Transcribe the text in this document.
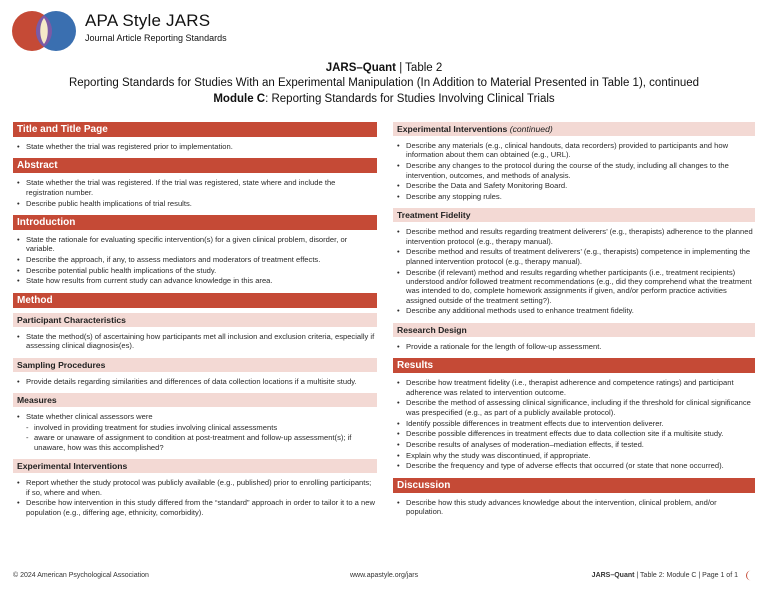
APA Style JARS
Journal Article Reporting Standards
JARS–Quant | Table 2
Reporting Standards for Studies With an Experimental Manipulation (In Addition to Material Presented in Table 1), continued
Module C: Reporting Standards for Studies Involving Clinical Trials
Title and Title Page
• State whether the trial was registered prior to implementation.
Abstract
• State whether the trial was registered. If the trial was registered, state where and include the registration number.
• Describe public health implications of trial results.
Introduction
• State the rationale for evaluating specific intervention(s) for a given clinical problem, disorder, or variable.
• Describe the approach, if any, to assess mediators and moderators of treatment effects.
• Describe potential public health implications of the study.
• State how results from current study can advance knowledge in this area.
Method
Participant Characteristics
• State the method(s) of ascertaining how participants met all inclusion and exclusion criteria, especially if assessing clinical diagnosis(es).
Sampling Procedures
• Provide details regarding similarities and differences of data collection locations if a multisite study.
Measures
• State whether clinical assessors were
- involved in providing treatment for studies involving clinical assessments
- aware or unaware of assignment to condition at post-treatment and follow-up assessment(s); if unaware, how was this accomplished?
Experimental Interventions
• Report whether the study protocol was publicly available (e.g., published) prior to enrolling participants; if so, where and when.
• Describe how intervention in this study differed from the “standard” approach in order to tailor it to a new population (e.g., differing age, ethnicity, comorbidity).
Experimental Interventions (continued)
• Describe any materials (e.g., clinical handouts, data recorders) provided to participants and how information about them can obtained (e.g., URL).
• Describe any changes to the protocol during the course of the study, including all changes to the intervention, outcomes, and methods of analysis.
• Describe the Data and Safety Monitoring Board.
• Describe any stopping rules.
Treatment Fidelity
• Describe method and results regarding treatment deliverers’ (e.g., therapists) adherence to the planned intervention protocol (e.g., therapy manual).
• Describe method and results of treatment deliverers’ (e.g., therapists) competence in implementing the planned intervention protocol (e.g., therapy manual).
• Describe (if relevant) method and results regarding whether participants (i.e., treatment recipients) understood and/or followed treatment recommendations (e.g., did they comprehend what the treatment was intended to do, complete homework assignments if given, and/or perform practice activities assigned outside of the treatment setting?).
• Describe any additional methods used to enhance treatment fidelity.
Research Design
• Provide a rationale for the length of follow-up assessment.
Results
• Describe how treatment fidelity (i.e., therapist adherence and competence ratings) and participant adherence was related to intervention outcome.
• Describe the method of assessing clinical significance, including if the threshold for clinical significance was prespecified (e.g., as part of a publicly available protocol).
• Identify possible differences in treatment effects due to intervention deliverer.
• Describe possible differences in treatment effects due to data collection site if a multisite study.
• Describe results of analyses of moderation–mediation effects, if tested.
• Explain why the study was discontinued, if appropriate.
• Describe the frequency and type of adverse effects that occurred (or state that none occurred).
Discussion
• Describe how this study advances knowledge about the intervention, clinical problem, and/or population.
© 2024 American Psychological Association	www.apastyle.org/jars	JARS–Quant | Table 2: Module C | Page 1 of 1
